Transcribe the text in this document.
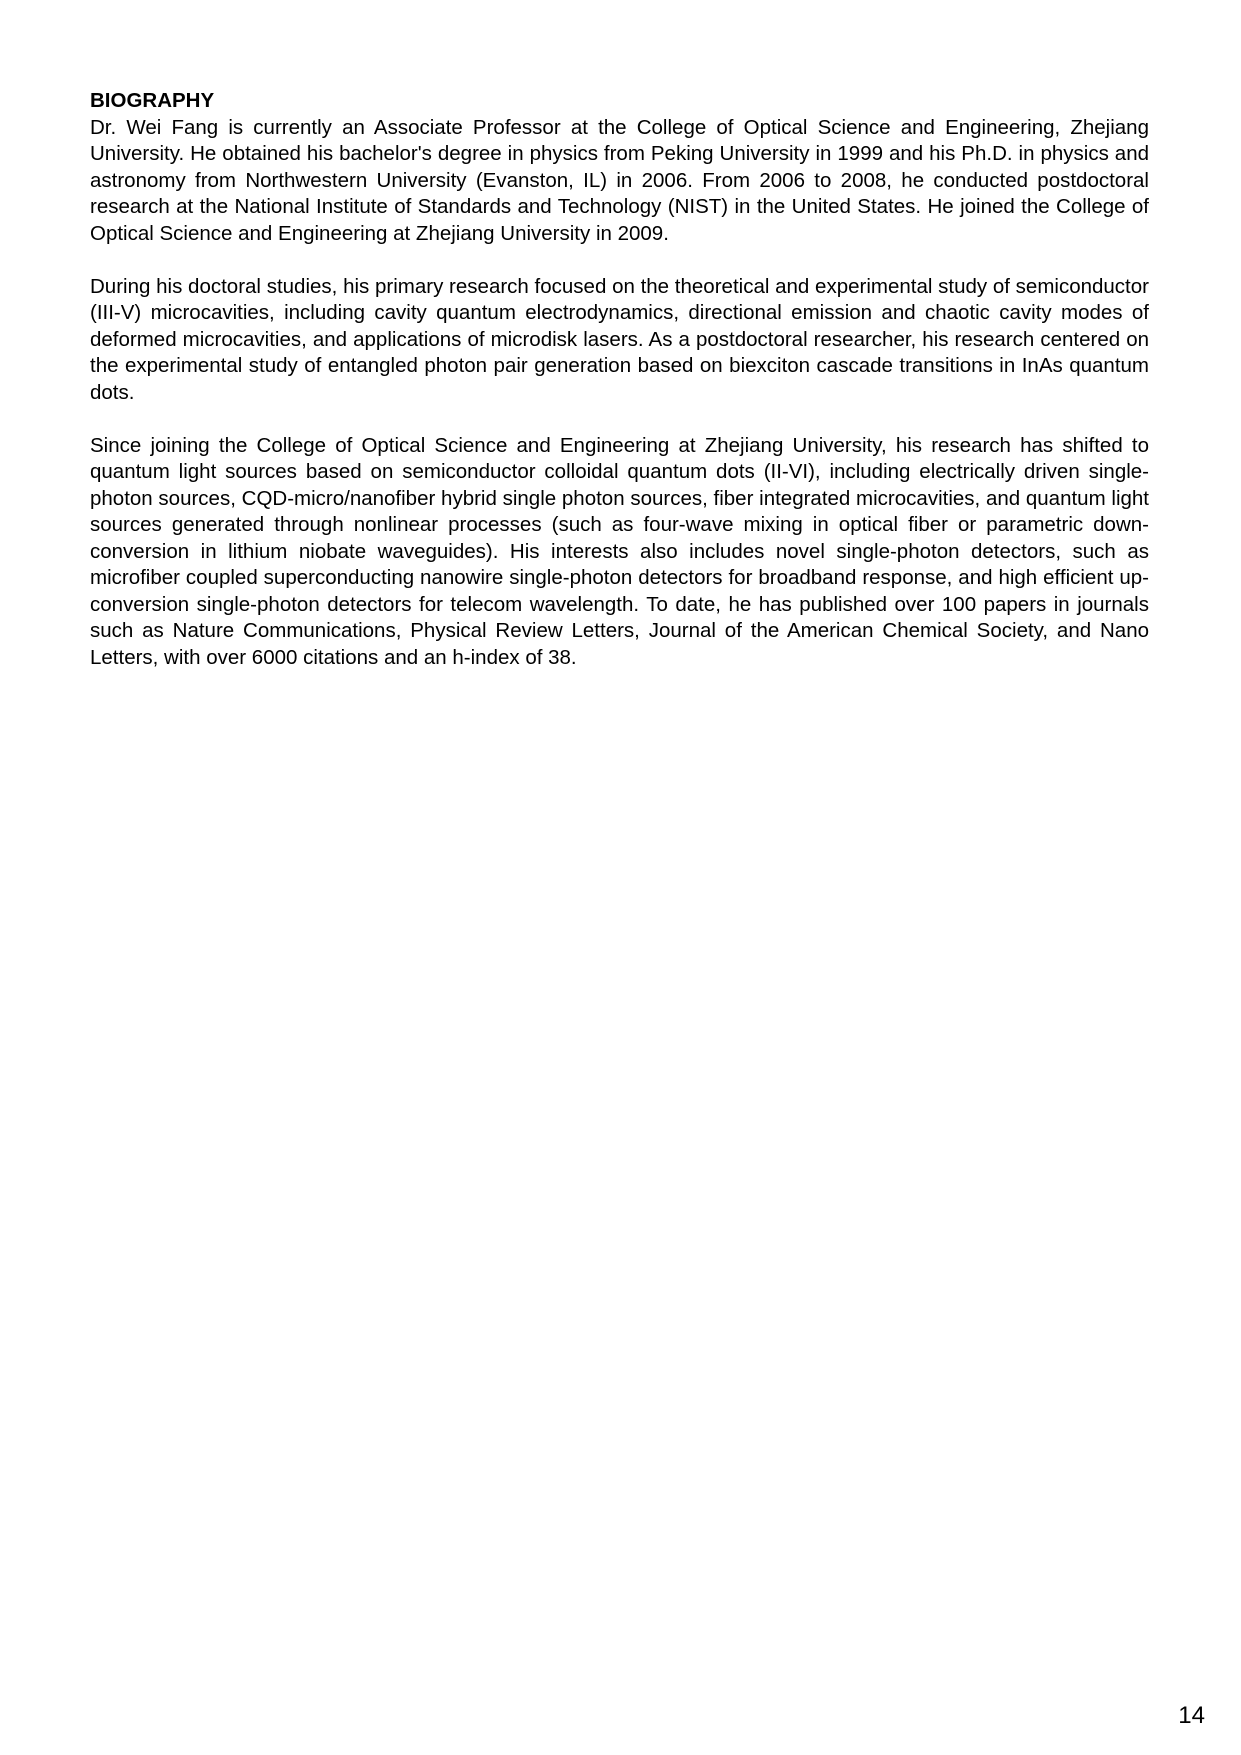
BIOGRAPHY

Dr. Wei Fang is currently an Associate Professor at the College of Optical Science and Engineering, Zhejiang University. He obtained his bachelor's degree in physics from Peking University in 1999 and his Ph.D. in physics and astronomy from Northwestern University (Evanston, IL) in 2006. From 2006 to 2008, he conducted postdoctoral research at the National Institute of Standards and Technology (NIST) in the United States. He joined the College of Optical Science and Engineering at Zhejiang University in 2009.

During his doctoral studies, his primary research focused on the theoretical and experimental study of semiconductor (III-V) microcavities, including cavity quantum electrodynamics, directional emission and chaotic cavity modes of deformed microcavities, and applications of microdisk lasers. As a postdoctoral researcher, his research centered on the experimental study of entangled photon pair generation based on biexciton cascade transitions in InAs quantum dots.

Since joining the College of Optical Science and Engineering at Zhejiang University, his research has shifted to quantum light sources based on semiconductor colloidal quantum dots (II-VI), including electrically driven single-photon sources, CQD-micro/nanofiber hybrid single photon sources, fiber integrated microcavities, and quantum light sources generated through nonlinear processes (such as four-wave mixing in optical fiber or parametric down-conversion in lithium niobate waveguides). His interests also includes novel single-photon detectors, such as microfiber coupled superconducting nanowire single-photon detectors for broadband response, and high efficient up-conversion single-photon detectors for telecom wavelength. To date, he has published over 100 papers in journals such as Nature Communications, Physical Review Letters, Journal of the American Chemical Society, and Nano Letters, with over 6000 citations and an h-index of 38.

14
